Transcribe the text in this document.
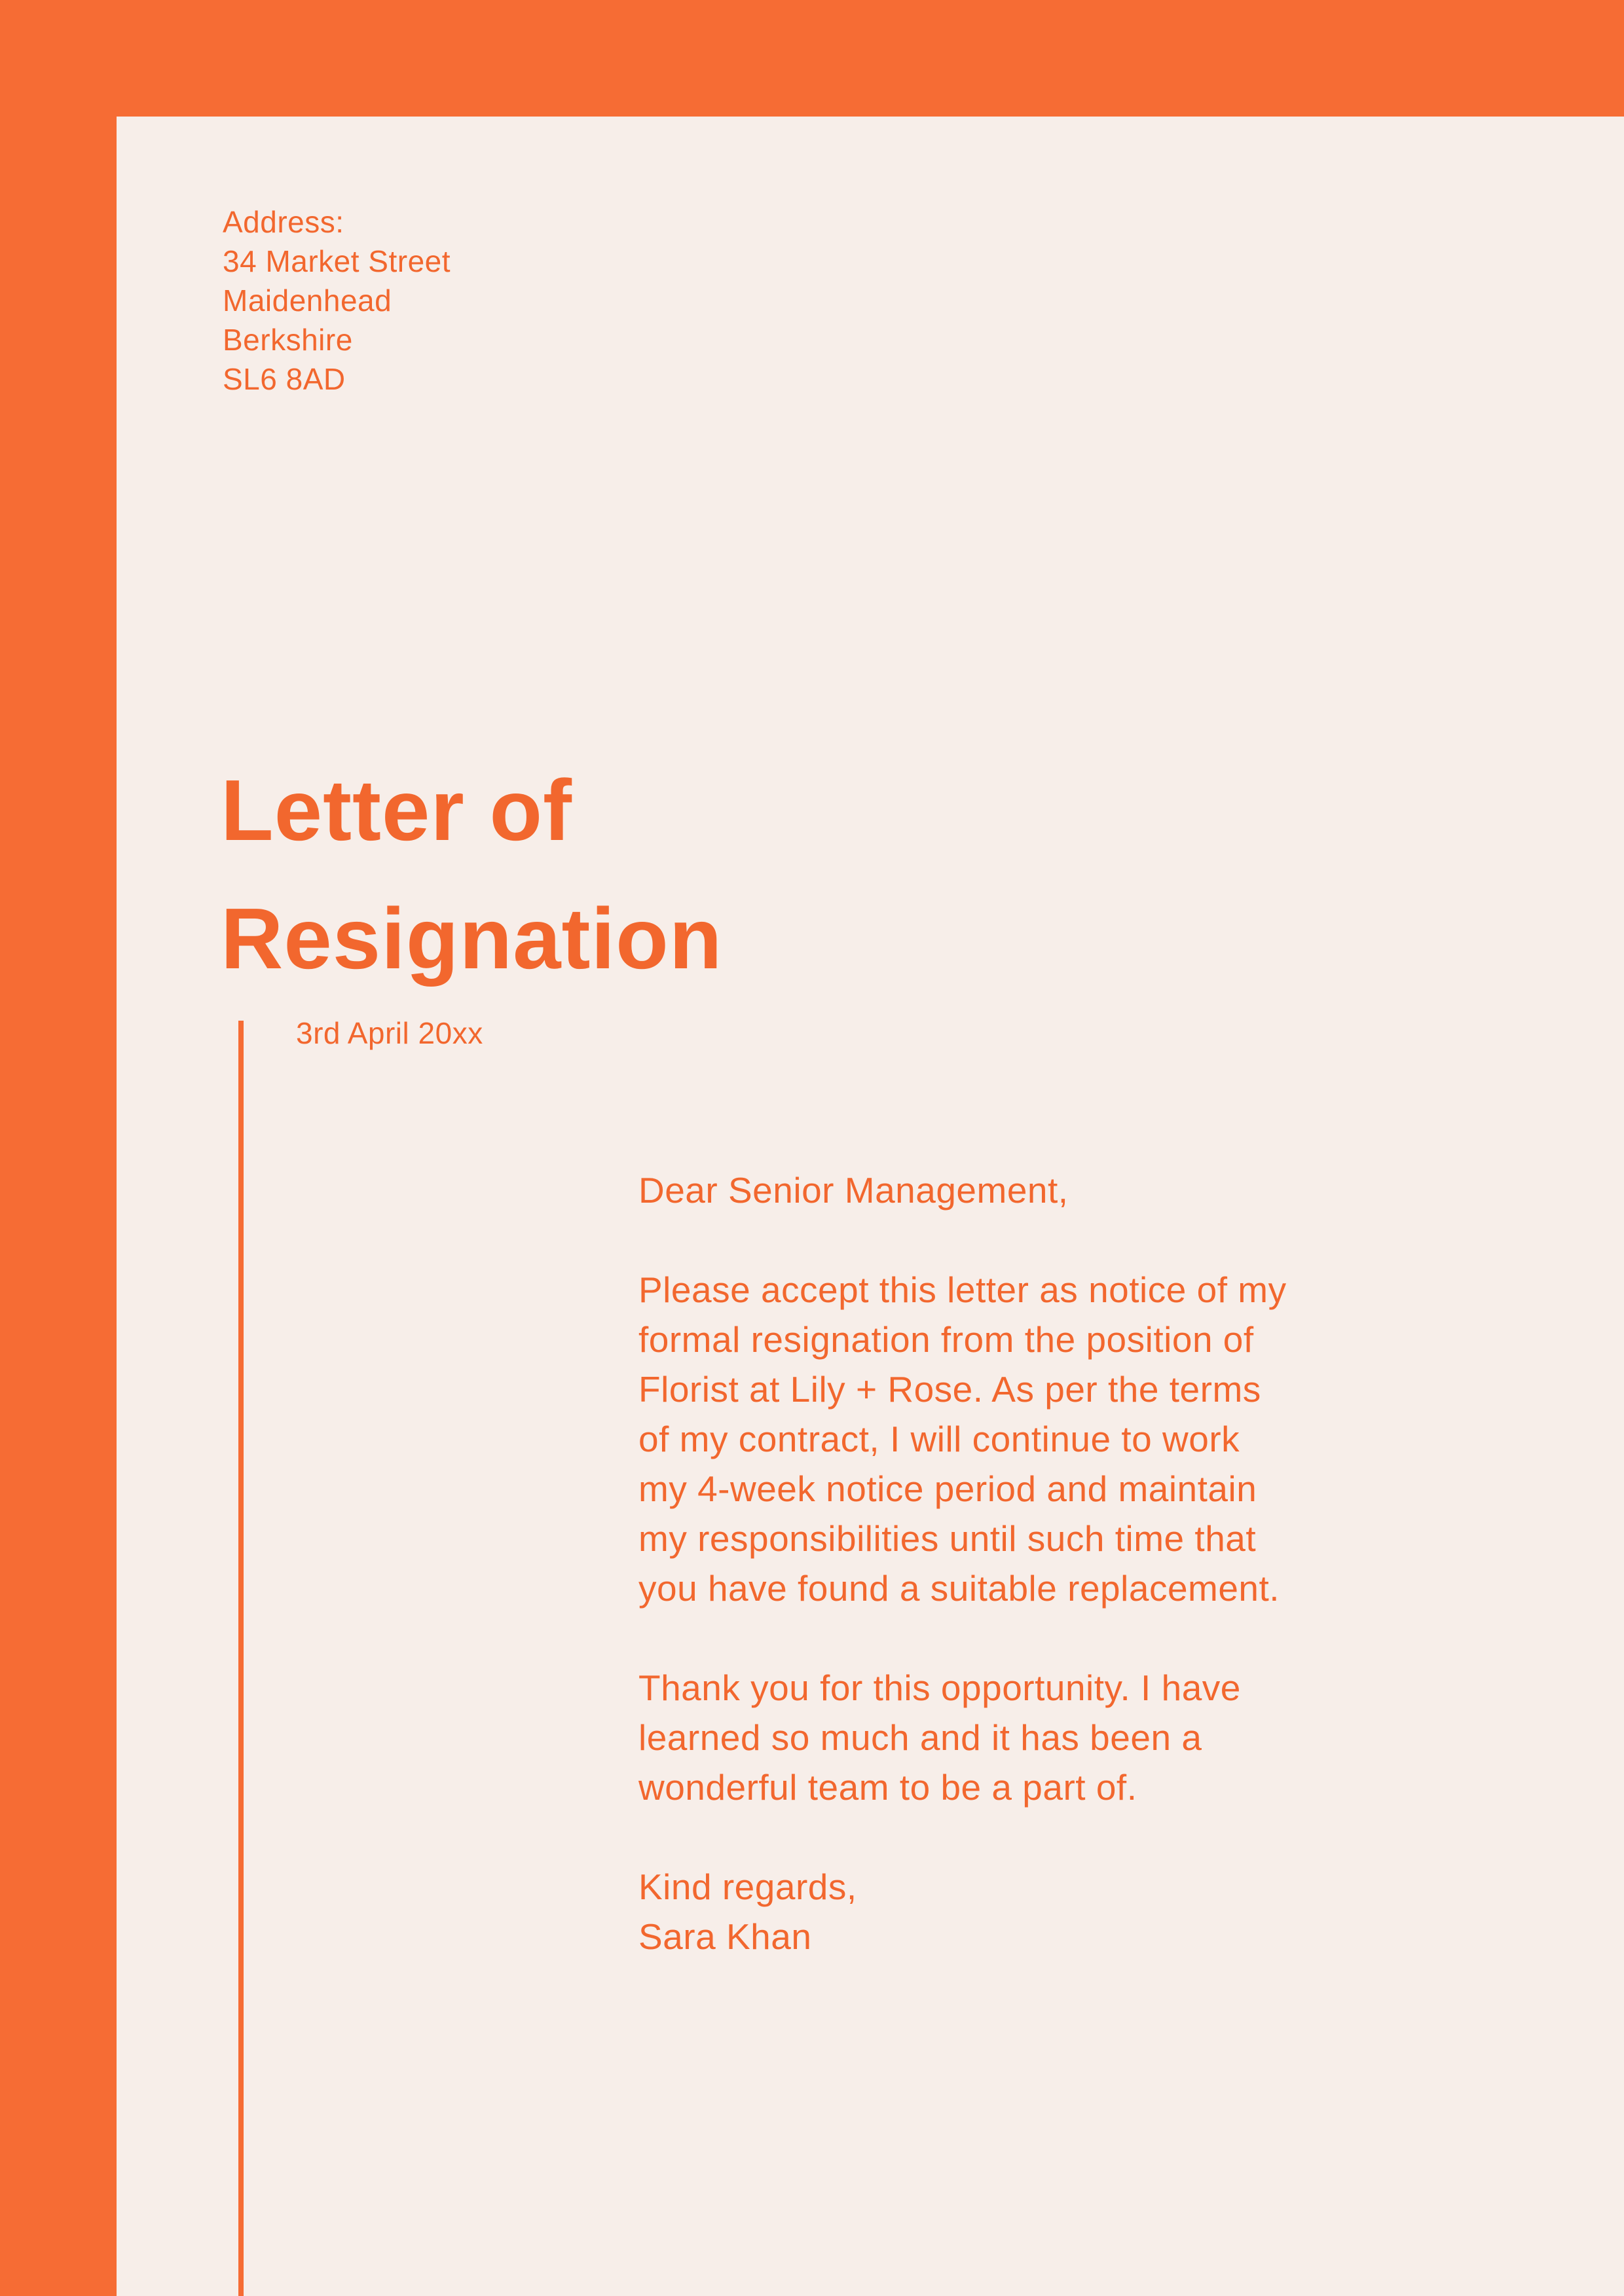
Address:
34 Market Street
Maidenhead
Berkshire
SL6 8AD
Letter of
Resignation
3rd April 20xx
Dear Senior Management,
Please accept this letter as notice of my
formal resignation from the position of
Florist at Lily + Rose. As per the terms
of my contract, I will continue to work
my 4-week notice period and maintain
my responsibilities until such time that
you have found a suitable replacement.
Thank you for this opportunity. I have
learned so much and it has been a
wonderful team to be a part of.
Kind regards,
Sara Khan
